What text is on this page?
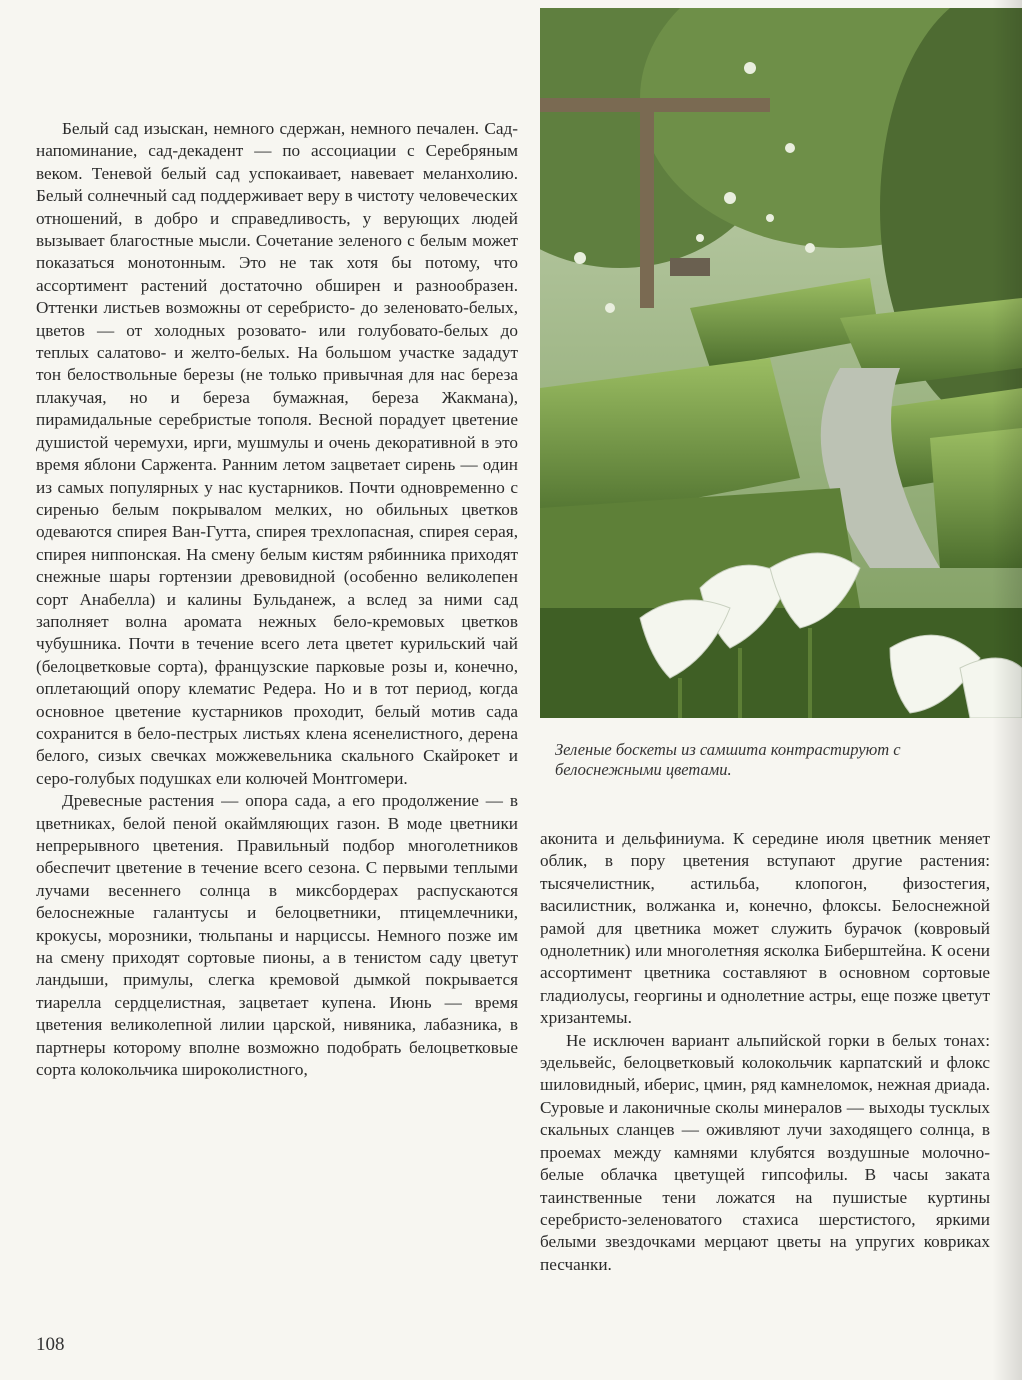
Белый сад изыскан, немного сдержан, немного печален. Сад-напоминание, сад-декадент — по ассоциации с Серебряным веком. Теневой белый сад успокаивает, навевает меланхолию. Белый солнечный сад поддерживает веру в чистоту человеческих отношений, в добро и справедливость, у верующих людей вызывает благостные мысли. Сочетание зеленого с белым может показаться монотонным. Это не так хотя бы потому, что ассортимент растений достаточно обширен и разнообразен. Оттенки листьев возможны от серебристо- до зеленовато-белых, цветов — от холодных розовато- или голубовато-белых до теплых салатово- и желто-белых. На большом участке зададут тон белоствольные березы (не только привычная для нас береза плакучая, но и береза бумажная, береза Жакмана), пирамидальные серебристые тополя. Весной порадует цветение душистой черемухи, ирги, мушмулы и очень декоративной в это время яблони Саржента. Ранним летом зацветает сирень — один из самых популярных у нас кустарников. Почти одновременно с сиренью белым покрывалом мелких, но обильных цветков одеваются спирея Ван-Гутта, спирея трехлопасная, спирея серая, спирея ниппонская. На смену белым кистям рябинника приходят снежные шары гортензии древовидной (особенно великолепен сорт Анабелла) и калины Бульданеж, а вслед за ними сад заполняет волна аромата нежных бело-кремовых цветков чубушника. Почти в течение всего лета цветет курильский чай (белоцветковые сорта), французские парковые розы и, конечно, оплетающий опору клематис Редера. Но и в тот период, когда основное цветение кустарников проходит, белый мотив сада сохранится в бело-пестрых листьях клена ясенелистного, дерена белого, сизых свечках можжевельника скального Скайрокет и серо-голубых подушках ели колючей Монтгомери.

Древесные растения — опора сада, а его продолжение — в цветниках, белой пеной окаймляющих газон. В моде цветники непрерывного цветения. Правильный подбор многолетников обеспечит цветение в течение всего сезона. С первыми теплыми лучами весеннего солнца в миксбордерах распускаются белоснежные галантусы и белоцветники, птицемлечники, крокусы, морозники, тюльпаны и нарциссы. Немного позже им на смену приходят сортовые пионы, а в тенистом саду цветут ландыши, примулы, слегка кремовой дымкой покрывается тиарелла сердцелистная, зацветает купена. Июнь — время цветения великолепной лилии царской, нивяника, лабазника, в партнеры которому вполне возможно подобрать белоцветковые сорта колокольчика широколистного,

Зеленые боскеты из самшита контрастируют с белоснежными цветами.

аконита и дельфиниума. К середине июля цветник меняет облик, в пору цветения вступают другие растения: тысячелистник, астильба, клопогон, физостегия, василистник, волжанка и, конечно, флоксы. Белоснежной рамой для цветника может служить бурачок (ковровый однолетник) или многолетняя ясколка Биберштейна. К осени ассортимент цветника составляют в основном сортовые гладиолусы, георгины и однолетние астры, еще позже цветут хризантемы.

Не исключен вариант альпийской горки в белых тонах: эдельвейс, белоцветковый колокольчик карпатский и флокс шиловидный, иберис, цмин, ряд камнеломок, нежная дриада. Суровые и лаконичные сколы минералов — выходы тусклых скальных сланцев — оживляют лучи заходящего солнца, в проемах между камнями клубятся воздушные молочно-белые облачка цветущей гипсофилы. В часы заката таинственные тени ложатся на пушистые куртины серебристо-зеленоватого стахиса шерстистого, яркими белыми звездочками мерцают цветы на упругих ковриках песчанки.

108
